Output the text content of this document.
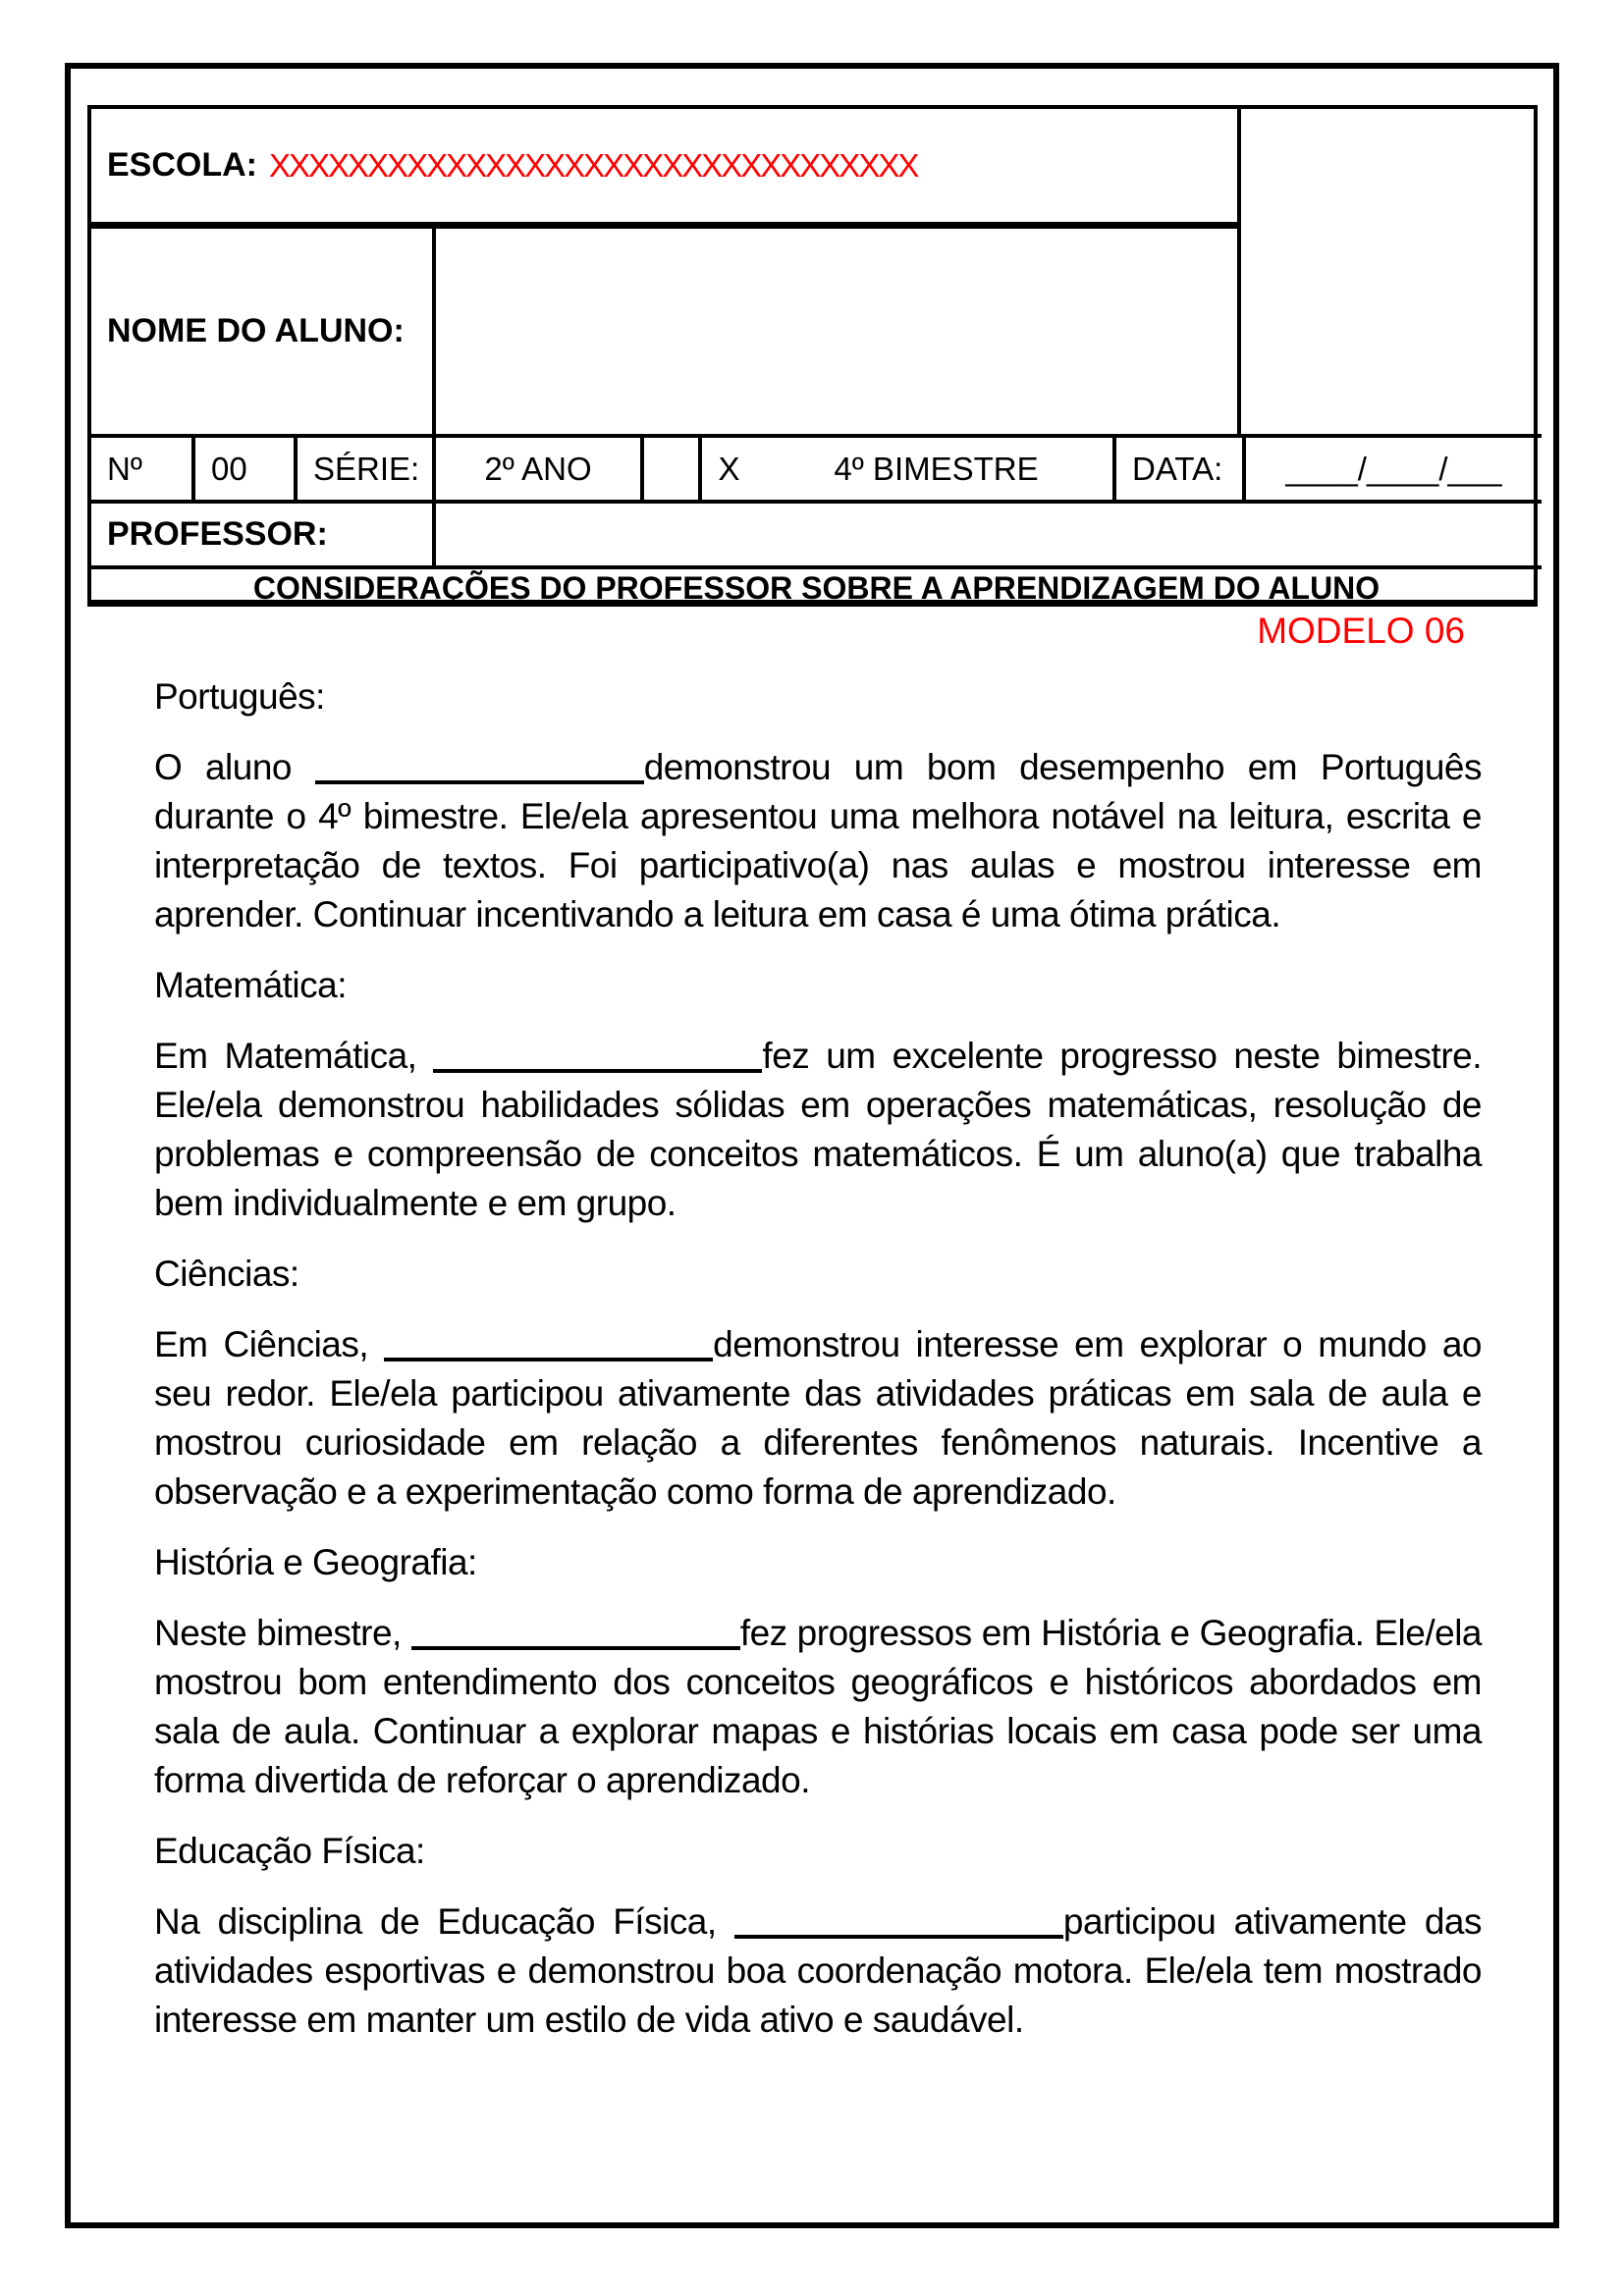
ESCOLA: XXXXXXXXXXXXXXXXXXXXXXXXXXXXXXXXX
NOME DO ALUNO:
Nº 00 SÉRIE: 2º ANO	X	4º BIMESTRE	DATA: ____/____/___
PROFESSOR:
CONSIDERAÇÕES DO PROFESSOR SOBRE A APRENDIZAGEM DO ALUNO
MODELO 06
Português:

O aluno	demonstrou um bom desempenho em Português durante o 4º bimestre. Ele/ela apresentou uma melhora notável na leitura, escrita e interpretação de textos. Foi participativo(a) nas aulas e mostrou interesse em aprender. Continuar incentivando a leitura em casa é uma ótima prática.

Matemática:

Em Matemática,	fez um excelente progresso neste bimestre. Ele/ela demonstrou habilidades sólidas em operações matemáticas, resolução de problemas e compreensão de conceitos matemáticos. É um aluno(a) que trabalha bem individualmente e em grupo.

Ciências:

Em Ciências,	demonstrou interesse em explorar o mundo ao seu redor. Ele/ela participou ativamente das atividades práticas em sala de aula e mostrou curiosidade em relação a diferentes fenômenos naturais. Incentive a observação e a experimentação como forma de aprendizado.

História e Geografia:

Neste bimestre,	fez progressos em História e Geografia. Ele/ela mostrou bom entendimento dos conceitos geográficos e históricos abordados em sala de aula. Continuar a explorar mapas e histórias locais em casa pode ser uma forma divertida de reforçar o aprendizado.

Educação Física:

Na disciplina de Educação Física,	participou ativamente das atividades esportivas e demonstrou boa coordenação motora. Ele/ela tem mostrado interesse em manter um estilo de vida ativo e saudável.
